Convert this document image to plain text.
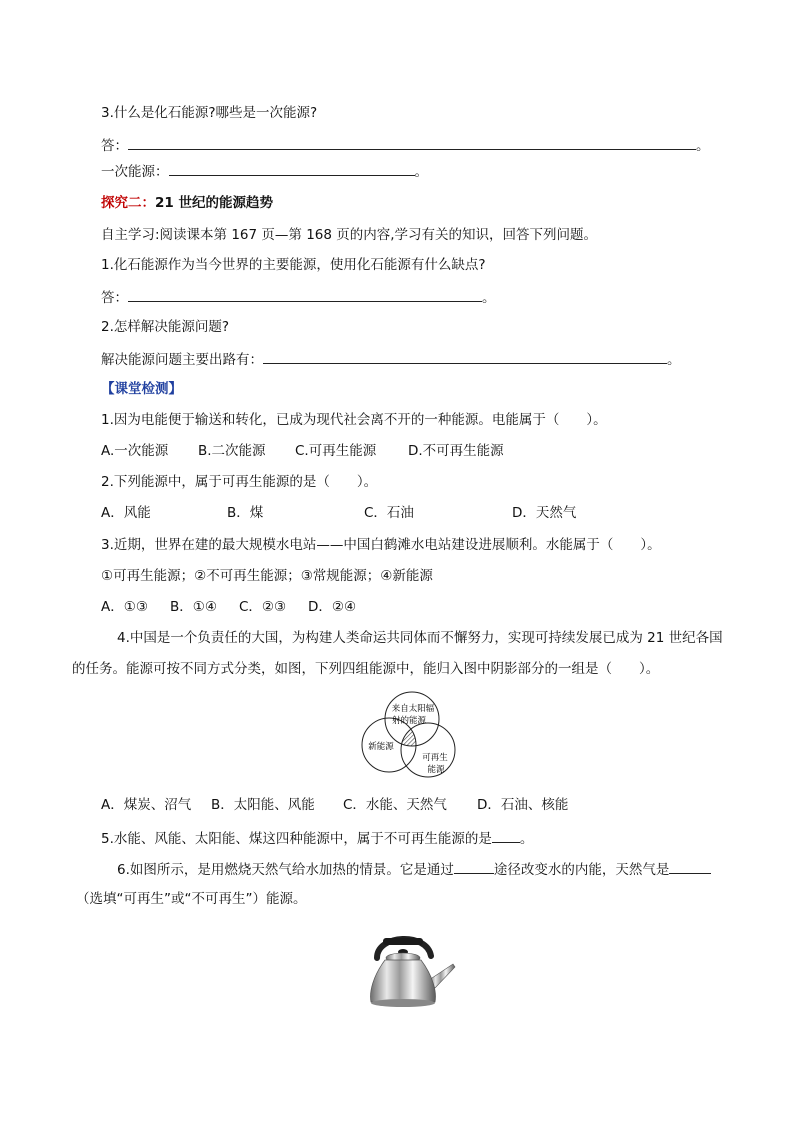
3.什么是化石能源?哪些是一次能源?
答：	。
一次能源：	。
探究二：21 世纪的能源趋势
自主学习:阅读课本第 167 页—第 168 页的内容,学习有关的知识，回答下列问题。
1.化石能源作为当今世界的主要能源，使用化石能源有什么缺点?
答：	。
2.怎样解决能源问题?
解决能源问题主要出路有：	。
【课堂检测】
1.因为电能便于输送和转化，已成为现代社会离不开的一种能源。电能属于（　　）。
A.一次能源 B.二次能源 C.可再生能源 D.不可再生能源
2.下列能源中，属于可再生能源的是（　　）。
A．风能	B．煤	C．石油	D．天然气
3.近期，世界在建的最大规模水电站——中国白鹤滩水电站建设进展顺利。水能属于（　　）。
①可再生能源；②不可再生能源；③常规能源；④新能源
A．①③ B．①④ C．②③ D．②④
4.中国是一个负责任的大国，为构建人类命运共同体而不懈努力，实现可持续发展已成为 21 世纪各国
的任务。能源可按不同方式分类，如图，下列四组能源中，能归入图中阴影部分的一组是（　　）。
来自太阳辐
射的能源
新能源
可再生
能源
A．煤炭、沼气 B．太阳能、风能 C．水能、天然气 D．石油、核能
5.水能、风能、太阳能、煤这四种能源中，属于不可再生能源的是 。
6.如图所示，是用燃烧天然气给水加热的情景。它是通过	途径改变水的内能，天然气是
（选填“可再生”或“不可再生”）能源。
